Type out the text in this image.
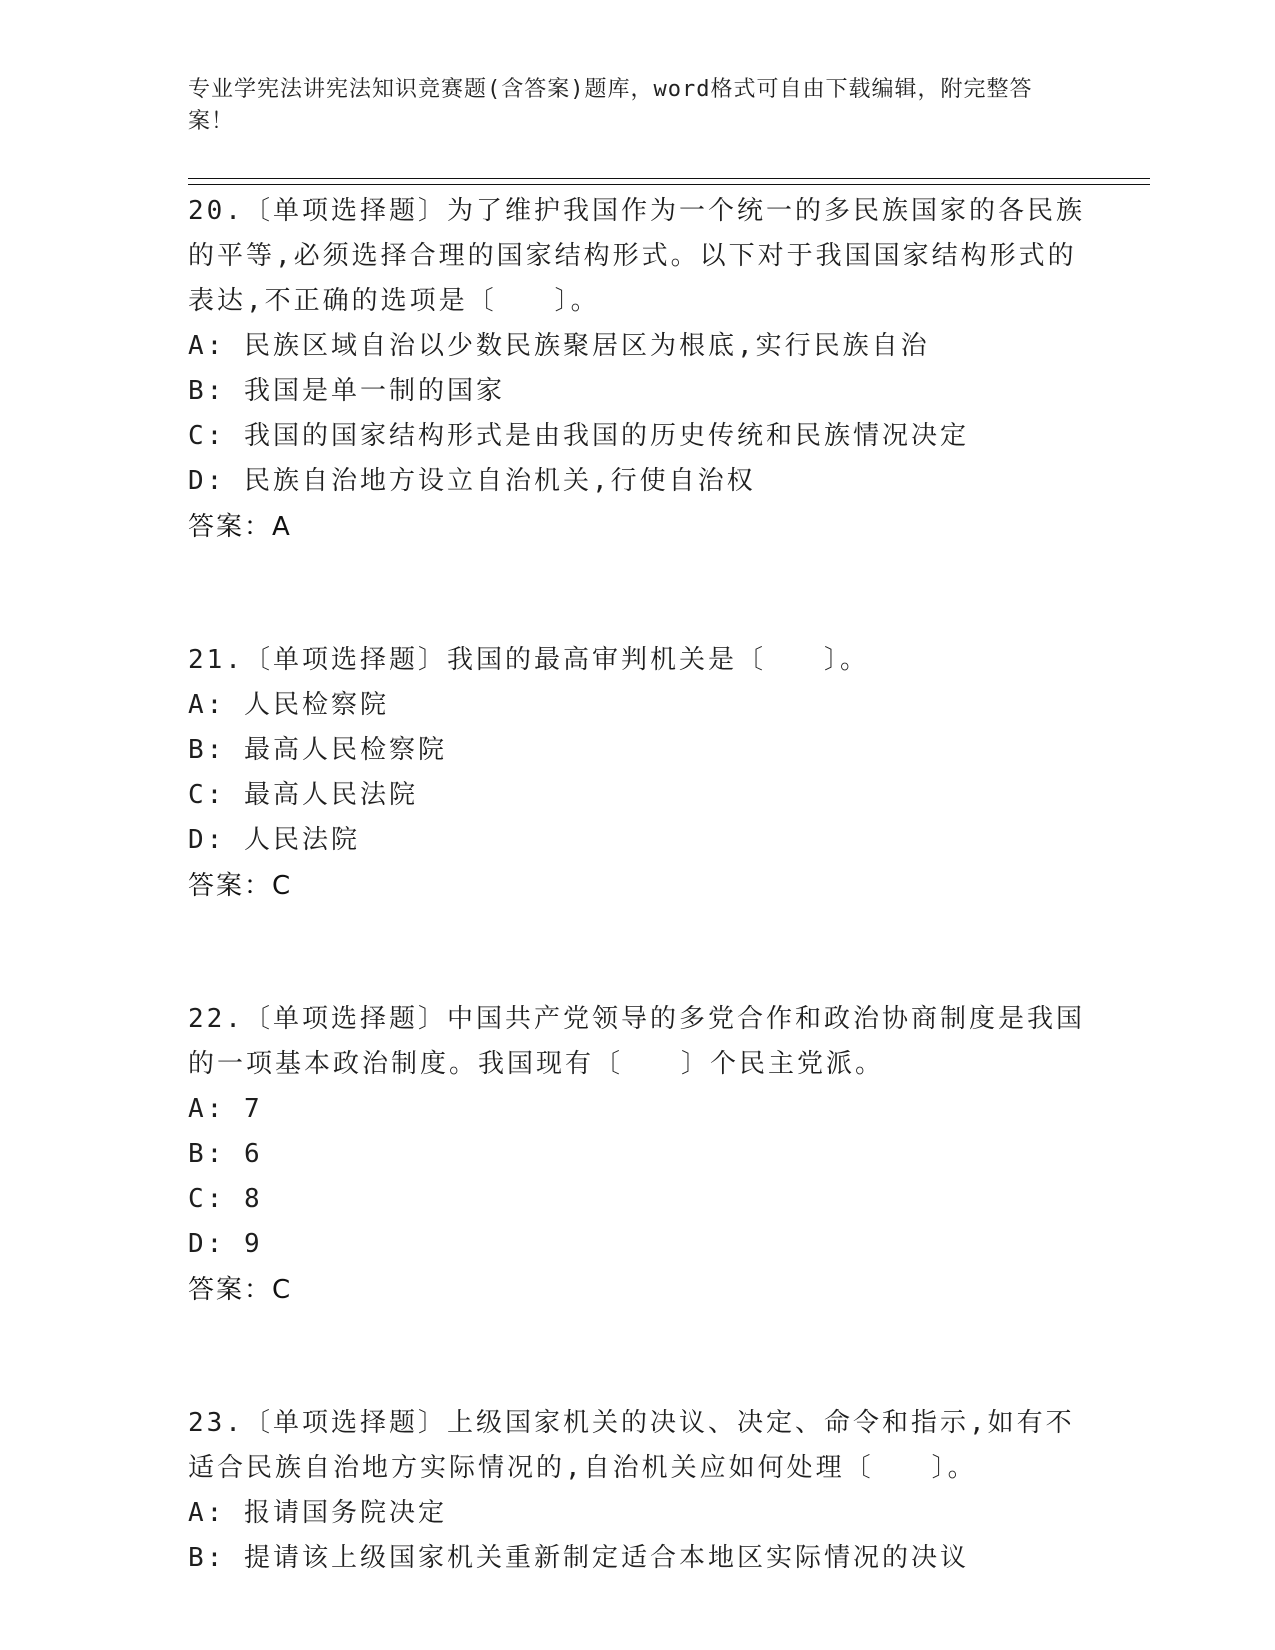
专业学宪法讲宪法知识竞赛题(含答案)题库，word格式可自由下载编辑，附完整答案！
20.〔单项选择题〕为了维护我国作为一个统一的多民族国家的各民族的平等,必须选择合理的国家结构形式。以下对于我国国家结构形式的表达,不正确的选项是〔　　〕。
A: 民族区域自治以少数民族聚居区为根底,实行民族自治
B: 我国是单一制的国家
C: 我国的国家结构形式是由我国的历史传统和民族情况决定
D: 民族自治地方设立自治机关,行使自治权
答案：A
21.〔单项选择题〕我国的最高审判机关是〔　　〕。
A: 人民检察院
B: 最高人民检察院
C: 最高人民法院
D: 人民法院
答案：C
22.〔单项选择题〕中国共产党领导的多党合作和政治协商制度是我国的一项基本政治制度。我国现有〔　　〕个民主党派。
A: 7
B: 6
C: 8
D: 9
答案：C
23.〔单项选择题〕上级国家机关的决议、决定、命令和指示,如有不适合民族自治地方实际情况的,自治机关应如何处理〔　　〕。
A: 报请国务院决定
B: 提请该上级国家机关重新制定适合本地区实际情况的决议
